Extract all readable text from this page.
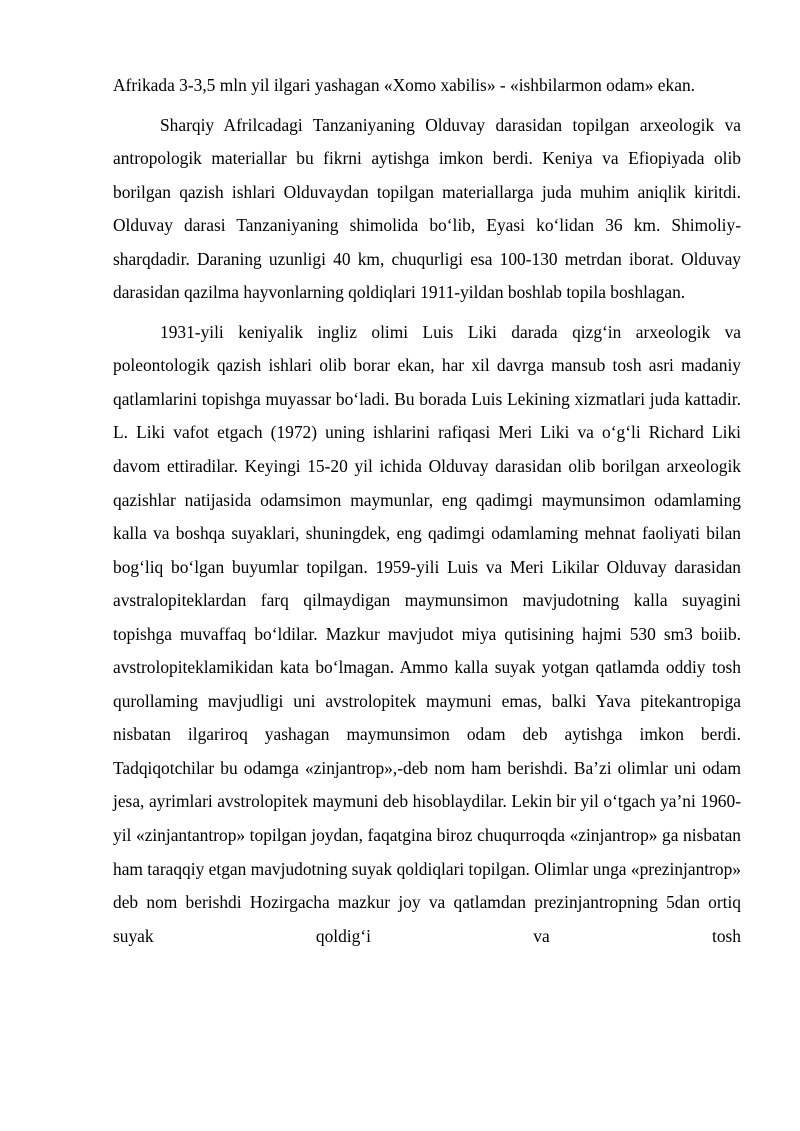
Afrikada 3-3,5 mln yil ilgari yashagan «Xomo xabilis» - «ishbilarmon odam» ekan.

Sharqiy Afrilcadagi Tanzaniyaning Olduvay darasidan topilgan arxeologik va antropologik materiallar bu fikrni aytishga imkon berdi. Keniya va Efiopiyada olib borilgan qazish ishlari Olduvaydan topilgan materiallarga juda muhim aniqlik kiritdi. Olduvay darasi Tanzaniyaning shimolida bo‘lib, Eyasi ko‘lidan 36 km. Shimoliy-sharqdadir. Daraning uzunligi 40 km, chuqurligi esa 100-130 metrdan iborat. Olduvay darasidan qazilma hayvonlarning qoldiqlari 1911-yildan boshlab topila boshlagan.

1931-yili keniyalik ingliz olimi Luis Liki darada qizg‘in arxeologik va poleontologik qazish ishlari olib borar ekan, har xil davrga mansub tosh asri madaniy qatlamlarini topishga muyassar bo‘ladi. Bu borada Luis Lekining xizmatlari juda kattadir. L. Liki vafot etgach (1972) uning ishlarini rafiqasi Meri Liki va o‘g‘li Richard Liki davom ettiradilar. Keyingi 15-20 yil ichida Olduvay darasidan olib borilgan arxeologik qazishlar natijasida odamsimon maymunlar, eng qadimgi maymunsimon odamlaming kalla va boshqa suyaklari, shuningdek, eng qadimgi odamlaming mehnat faoliyati bilan bog‘liq bo‘lgan buyumlar topilgan. 1959-yili Luis va Meri Likilar Olduvay darasidan avstralopiteklardan farq qilmaydigan maymunsimon mavjudotning kalla suyagini topishga muvaffaq bo‘ldilar. Mazkur mavjudot miya qutisining hajmi 530 sm3 boiib. avstrolopiteklamikidan kata bo‘lmagan. Ammo kalla suyak yotgan qatlamda oddiy tosh qurollaming mavjudligi uni avstrolopitek maymuni emas, balki Yava pitekantropiga nisbatan ilgariroq yashagan maymunsimon odam deb aytishga imkon berdi. Tadqiqotchilar bu odamga «zinjantrop»,-deb nom ham berishdi. Ba’zi olimlar uni odam jesa, ayrimlari avstrolopitek maymuni deb hisoblaydilar. Lekin bir yil o‘tgach ya’ni 1960-yil «zinjantantrop» topilgan joydan, faqatgina biroz chuqurroqda «zinjantrop» ga nisbatan ham taraqqiy etgan mavjudotning suyak qoldiqlari topilgan. Olimlar unga «prezinjantrop» deb nom berishdi Hozirgacha mazkur joy va qatlamdan prezinjantropning 5dan ortiq suyak qoldig‘i va tosh
